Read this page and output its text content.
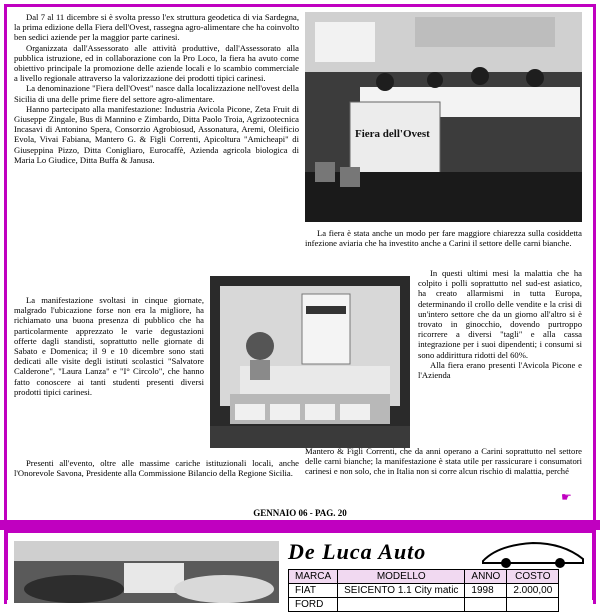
Dal 7 al 11 dicembre si è svolta presso l'ex struttura geodetica di via Sardegna, la prima edizione della Fiera dell'Ovest, rassegna agro-alimentare che ha coinvolto ben sedici aziende per la maggior parte carinesi.

Organizzata dall'Assessorato alle attività produttive, dall'Assessorato alla pubblica istruzione, ed in collaborazione con la Pro Loco, la fiera ha avuto come obiettivo principale la promozione delle aziende locali e lo scambio commerciale a livello regionale attraverso la valorizzazione dei prodotti tipici carinesi.

La denominazione "Fiera dell'Ovest" nasce dalla localizzazione nell'ovest della Sicilia di una delle prime fiere del settore agro-alimentare.

Hanno partecipato alla manifestazione: Industria Avicola Picone, Zeta Fruit di Giuseppe Zingale, Bus di Mannino e Zimbardo, Ditta Paolo Troia, Agrizootecnica Incasavi di Antonino Spera, Consorzio Agrobiosud, Assonatura, Aremi, Oleificio Evola, Vivai Fabiana, Mantero G. & Figli Correnti, Apicoltura "Amicheapi" di Giuseppina Pizzo, Ditta Conigliaro, Eurocaffè, Azienda agricola biologica di Maria Lo Giudice, Ditta Buffa & Janusa.

La manifestazione svoltasi in cinque giornate, malgrado l'ubicazione forse non era la migliore, ha richiamato una buona presenza di pubblico che ha particolarmente apprezzato le varie degustazioni offerte dagli standisti, soprattutto nelle giornate di Sabato e Domenica; il 9 e 10 dicembre sono stati dedicati alle visite degli istituti scolastici "Salvatore Calderone", "Laura Lanza" e "I° Circolo", che hanno fatto conoscere ai tanti studenti presenti diversi prodotti tipici carinesi.

Presenti all'evento, oltre alle massime cariche istituzionali locali, anche l'Onorevole Savona, Presidente alla Commissione Bilancio della Regione Sicilia.

Fiera dell'Ovest

La fiera è stata anche un modo per fare maggiore chiarezza sulla cosiddetta infezione aviaria che ha investito anche a Carini il settore delle carni bianche.

In questi ultimi mesi la malattia che ha colpito i polli soprattutto nel sud-est asiatico, ha creato allarmismi in tutta Europa, determinando il crollo delle vendite e la crisi di un'intero settore che da un giorno all'altro si è trovato in ginocchio, dovendo purtroppo ricorrere a diversi "tagli" e alla cassa integrazione per i suoi dipendenti; i consumi si sono addirittura ridotti del 60%.

Alla fiera erano presenti l'Avicola Picone e l'Azienda

Mantero & Figli Correnti, che da anni operano a Carini soprattutto nel settore delle carni bianche; la manifestazione è stata utile per rassicurare i consumatori carinesi e non solo, che in Italia non si corre alcun rischio di malattia, perché

☛
GENNAIO 06 - PAG. 20
De Luca Auto
MARCA	MODELLO	ANNO	COSTO
FIAT	SEICENTO 1.1 City matic	1998	2.000,00
FORD			
